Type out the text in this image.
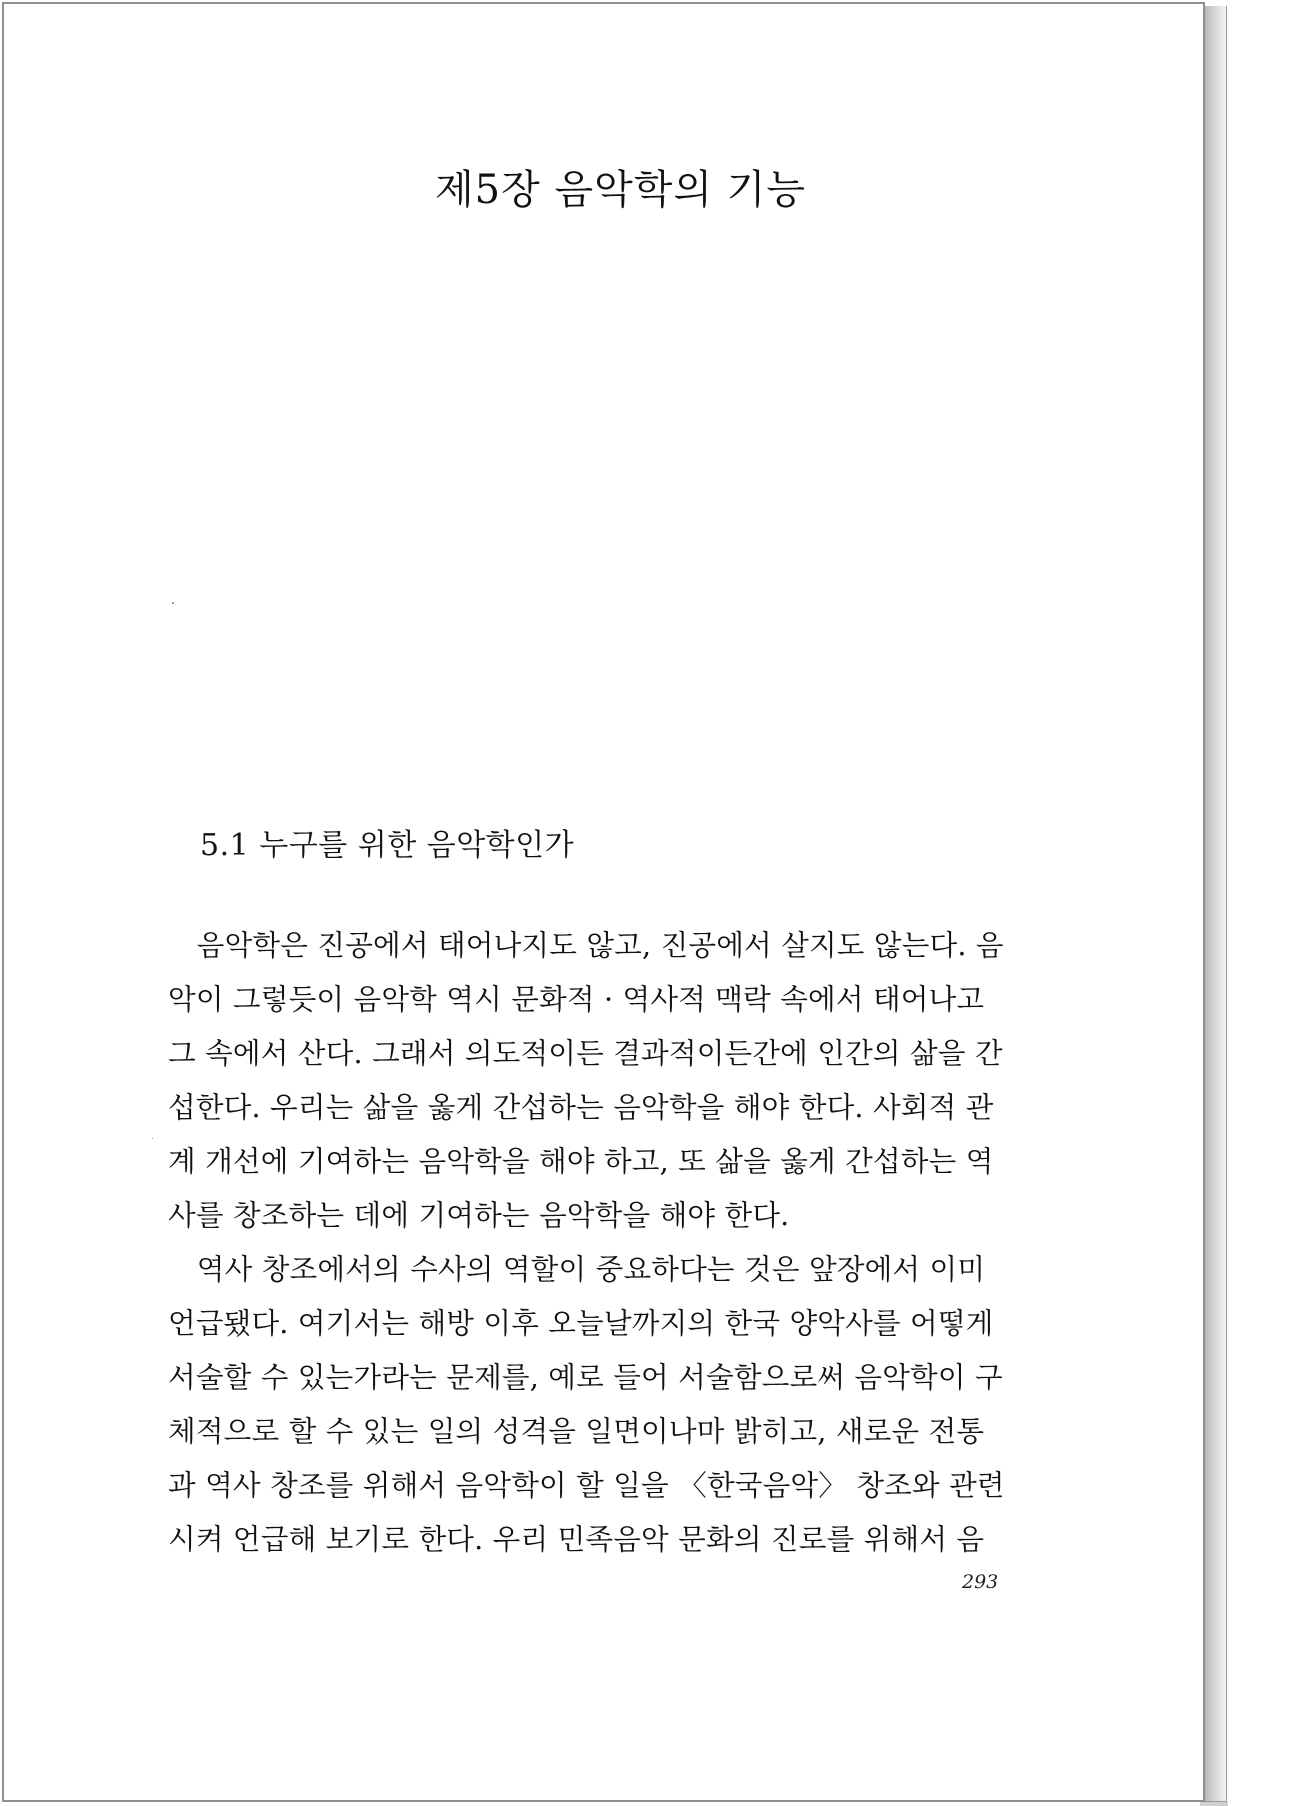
제5장 음악학의 기능
5.1 누구를 위한 음악학인가
　음악학은 진공에서 태어나지도 않고, 진공에서 살지도 않는다. 음
악이 그렇듯이 음악학 역시 문화적 · 역사적 맥락 속에서 태어나고
그 속에서 산다. 그래서 의도적이든 결과적이든간에 인간의 삶을 간
섭한다. 우리는 삶을 옳게 간섭하는 음악학을 해야 한다. 사회적 관
계 개선에 기여하는 음악학을 해야 하고, 또 삶을 옳게 간섭하는 역
사를 창조하는 데에 기여하는 음악학을 해야 한다.
　역사 창조에서의 수사의 역할이 중요하다는 것은 앞장에서 이미
언급됐다. 여기서는 해방 이후 오늘날까지의 한국 양악사를 어떻게
서술할 수 있는가라는 문제를, 예로 들어 서술함으로써 음악학이 구
체적으로 할 수 있는 일의 성격을 일면이나마 밝히고, 새로운 전통
과 역사 창조를 위해서 음악학이 할 일을 〈한국음악〉 창조와 관련
시켜 언급해 보기로 한다. 우리 민족음악 문화의 진로를 위해서 음
293
